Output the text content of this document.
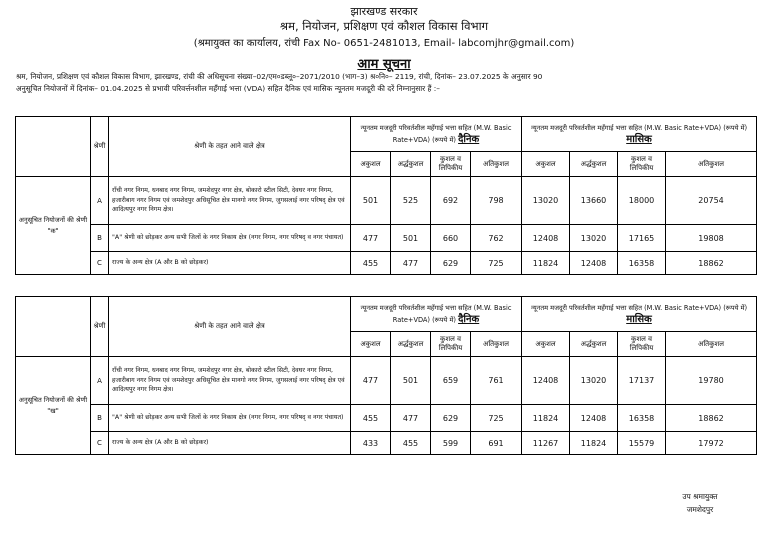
झारखण्ड सरकार
श्रम, नियोजन, प्रशिक्षण एवं कौशल विकास विभाग
(श्रमायुक्त का कार्यालय, रांची Fax No- 0651-2481013, Email- labcomjhr@gmail.com)
आम सूचना
श्रम, नियोजन, प्रशिक्षण एवं कौशल विकास विभाग, झारखण्ड, रांची की अधिसूचना संख्या–02/एम०डब्लू०–2071/2010 (भाग–3) श्र०नि०– 2119, रांची, दिनांक– 23.07.2025 के अनुसार 90
अनुसूचित नियोजनों में दिनांक– 01.04.2025 से प्रभावी परिवर्त्तनशील महँगाई भत्ता (VDA) सहित दैनिक एवं मासिक न्यूनतम मजदूरी की दरें निम्नानुसार हैं :–
	श्रेणी	श्रेणी के तहत आने वाले क्षेत्र	न्यूनतम मजदूरी परिवर्तशील महँगाई भत्ता सहित (M.W. Basic Rate+VDA) (रूपये में) दैनिक				न्यूनतम मजदूरी परिवर्तशील महँगाई भत्ता सहित (M.W. Basic Rate+VDA) (रूपये में) मासिक			
			अकुशल	अर्द्धकुशल	कुशल व लिपिकीय	अतिकुशल	अकुशल	अर्द्धकुशल	कुशल व लिपिकीय	अतिकुशल
अनुसूचित नियोजनों की श्रेणी "क"	A	रॉंची नगर निगम, धनबाद नगर निगम, जमशेदपुर नगर क्षेत्र, बोकारो स्टील सिटी, देवघर नगर निगम, हजारीबाग नगर निगम एवं जमशेदपुर अधिसूचित क्षेत्र मानगो नगर निगम, जुगसलाई नगर परिषद् क्षेत्र एवं आदित्यपुर नगर निगम क्षेत्र।	501	525	692	798	13020	13660	18000	20754
	B	"A" श्रेणी को छोड़कर अन्य सभी जिलों के नगर निकाय क्षेत्र (नगर निगम, नगर परिषद् व नगर पंचायत)	477	501	660	762	12408	13020	17165	19808
	C	राज्य के अन्य क्षेत्र (A और B को छोड़कर)	455	477	629	725	11824	12408	16358	18862
	श्रेणी	श्रेणी के तहत आने वाले क्षेत्र	न्यूनतम मजदूरी परिवर्तशील महँगाई भत्ता सहित (M.W. Basic Rate+VDA) (रूपये में) दैनिक				न्यूनतम मजदूरी परिवर्तशील महँगाई भत्ता सहित (M.W. Basic Rate+VDA) (रूपये में) मासिक			
			अकुशल	अर्द्धकुशल	कुशल व लिपिकीय	अतिकुशल	अकुशल	अर्द्धकुशल	कुशल व लिपिकीय	अतिकुशल
अनुसूचित नियोजनों की श्रेणी "ख"	A	रॉंची नगर निगम, धनबाद नगर निगम, जमशेदपुर नगर क्षेत्र, बोकारो स्टील सिटी, देवघर नगर निगम, हजारीबाग नगर निगम एवं जमशेदपुर अधिसूचित क्षेत्र मानगो नगर निगम, जुगसलाई नगर परिषद् क्षेत्र एवं आदित्यपुर नगर निगम क्षेत्र।	477	501	659	761	12408	13020	17137	19780
	B	"A" श्रेणी को छोड़कर अन्य सभी जिलों के नगर निकाय क्षेत्र (नगर निगम, नगर परिषद् व नगर पंचायत)	455	477	629	725	11824	12408	16358	18862
	C	राज्य के अन्य क्षेत्र (A और B को छोड़कर)	433	455	599	691	11267	11824	15579	17972
उप श्रमायुक्त
जमशेदपुर
